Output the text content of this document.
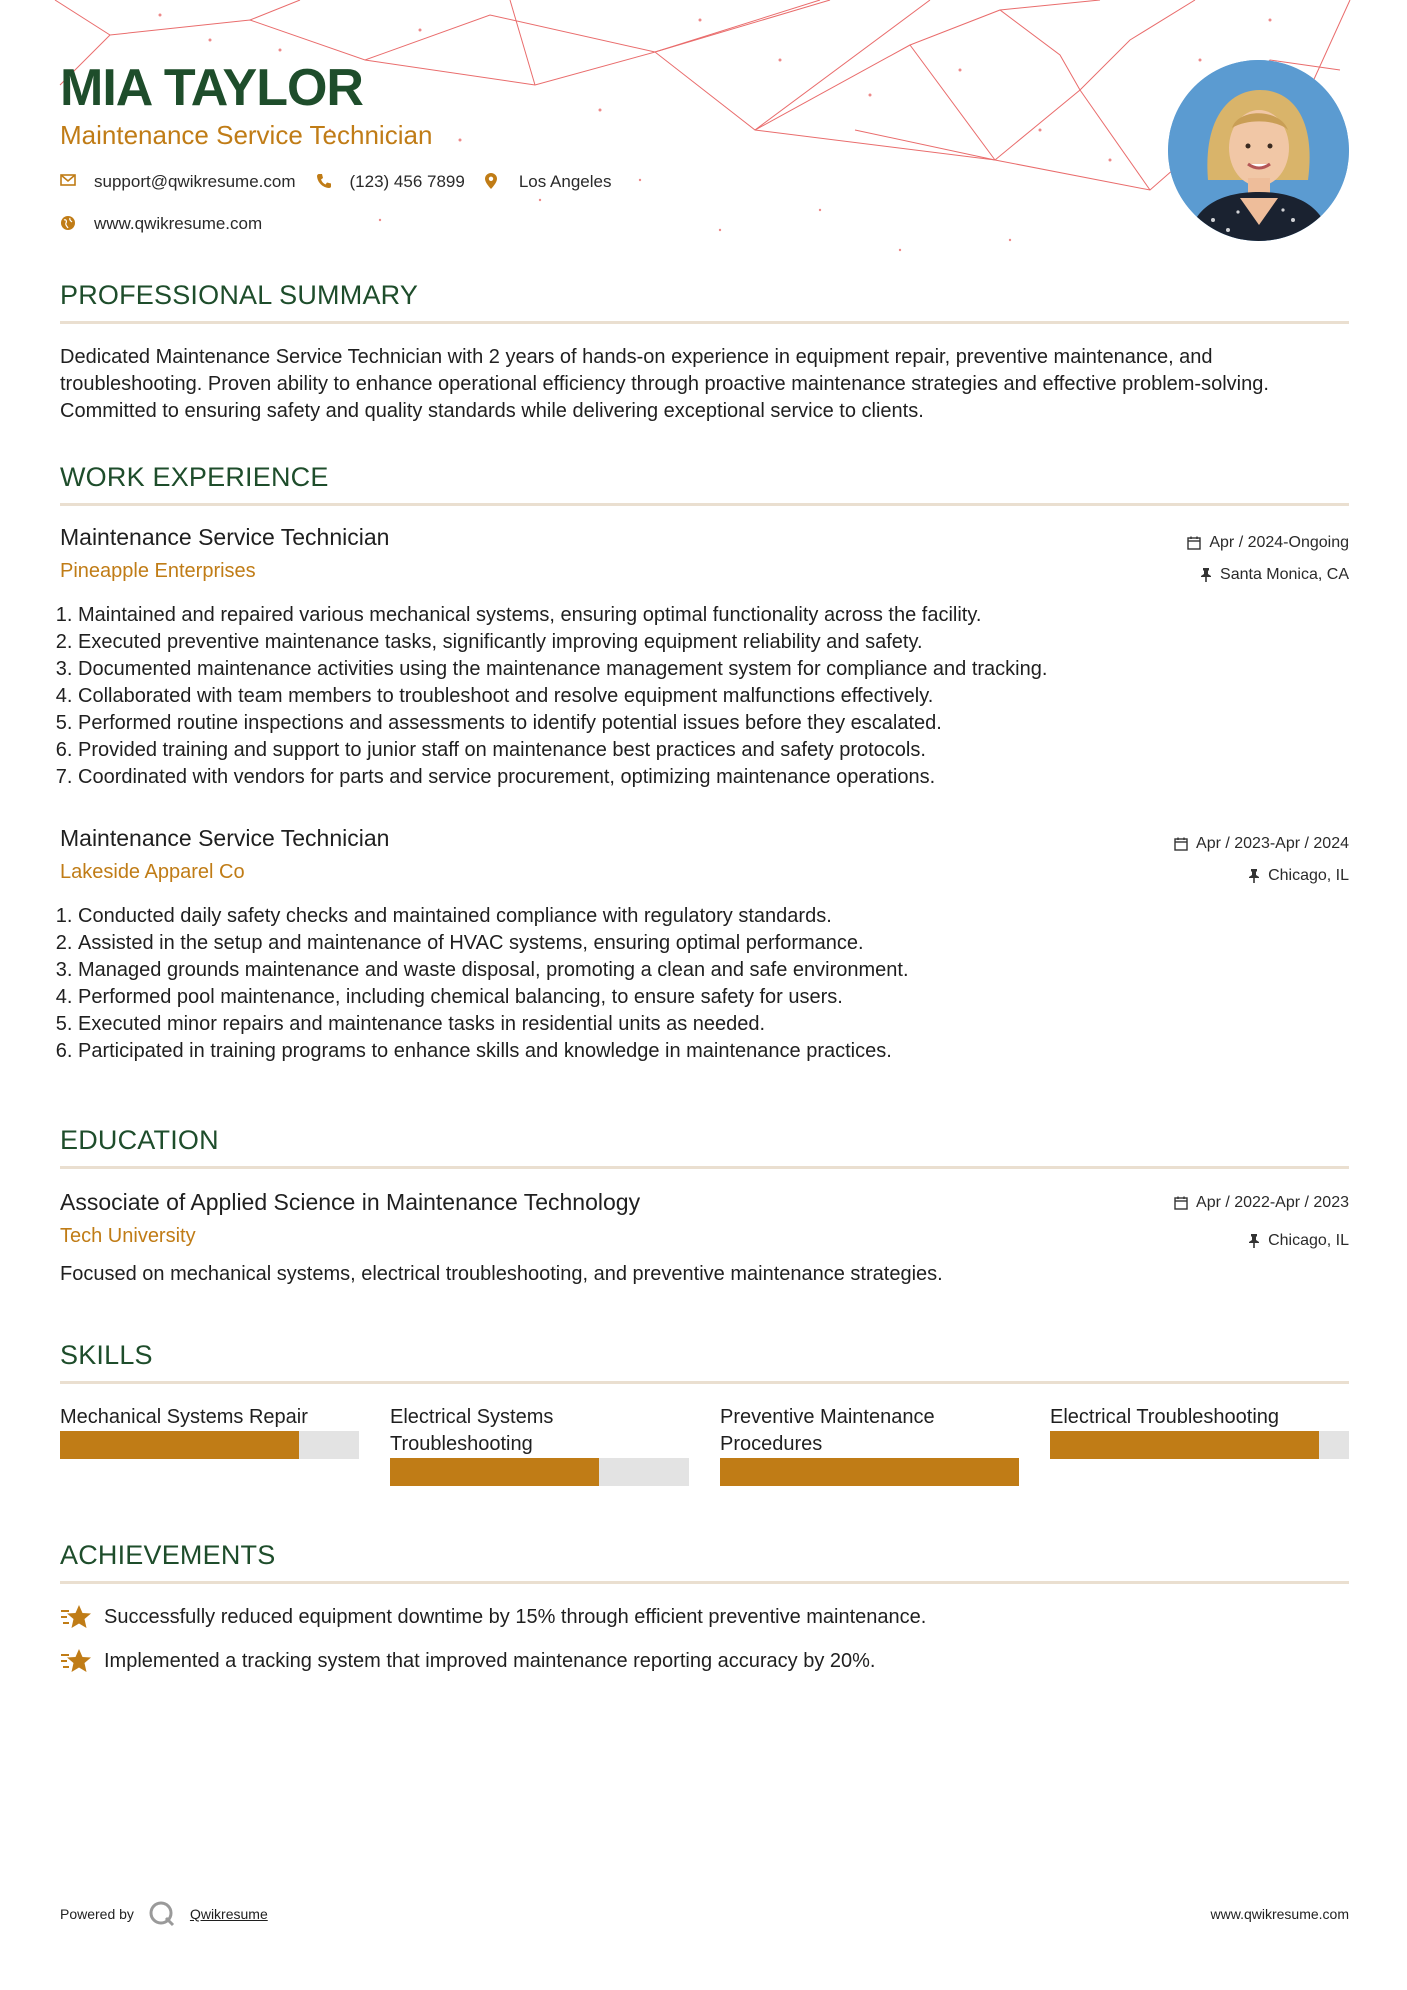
MIA TAYLOR

Maintenance Service Technician

support@qwikresume.com	(123) 456 7899	Los Angeles
www.qwikresume.com
PROFESSIONAL SUMMARY

Dedicated Maintenance Service Technician with 2 years of hands-on experience in equipment repair, preventive maintenance, and troubleshooting. Proven ability to enhance operational efficiency through proactive maintenance strategies and effective problem-solving. Committed to ensuring safety and quality standards while delivering exceptional service to clients.

WORK EXPERIENCE

Maintenance Service Technician

Pineapple Enterprises

Apr / 2024-Ongoing
Santa Monica, CA
1. Maintained and repaired various mechanical systems, ensuring optimal functionality across the facility.
2. Executed preventive maintenance tasks, significantly improving equipment reliability and safety.
3. Documented maintenance activities using the maintenance management system for compliance and tracking.
4. Collaborated with team members to troubleshoot and resolve equipment malfunctions effectively.
5. Performed routine inspections and assessments to identify potential issues before they escalated.
6. Provided training and support to junior staff on maintenance best practices and safety protocols.
7. Coordinated with vendors for parts and service procurement, optimizing maintenance operations.

Maintenance Service Technician

Lakeside Apparel Co

Apr / 2023-Apr / 2024
Chicago, IL
1. Conducted daily safety checks and maintained compliance with regulatory standards.
2. Assisted in the setup and maintenance of HVAC systems, ensuring optimal performance.
3. Managed grounds maintenance and waste disposal, promoting a clean and safe environment.
4. Performed pool maintenance, including chemical balancing, to ensure safety for users.
5. Executed minor repairs and maintenance tasks in residential units as needed.
6. Participated in training programs to enhance skills and knowledge in maintenance practices.
EDUCATION

Associate of Applied Science in Maintenance Technology

Tech University

Apr / 2022-Apr / 2023
Chicago, IL

Focused on mechanical systems, electrical troubleshooting, and preventive maintenance strategies.

SKILLS
Mechanical Systems Repair	Electrical Systems Troubleshooting
Preventive Maintenance Procedures
Electrical Troubleshooting
ACHIEVEMENTS
Successfully reduced equipment downtime by 15% through efficient preventive maintenance.
Implemented a tracking system that improved maintenance reporting accuracy by 20%.
Powered by	Qwikresume	www.qwikresume.com
